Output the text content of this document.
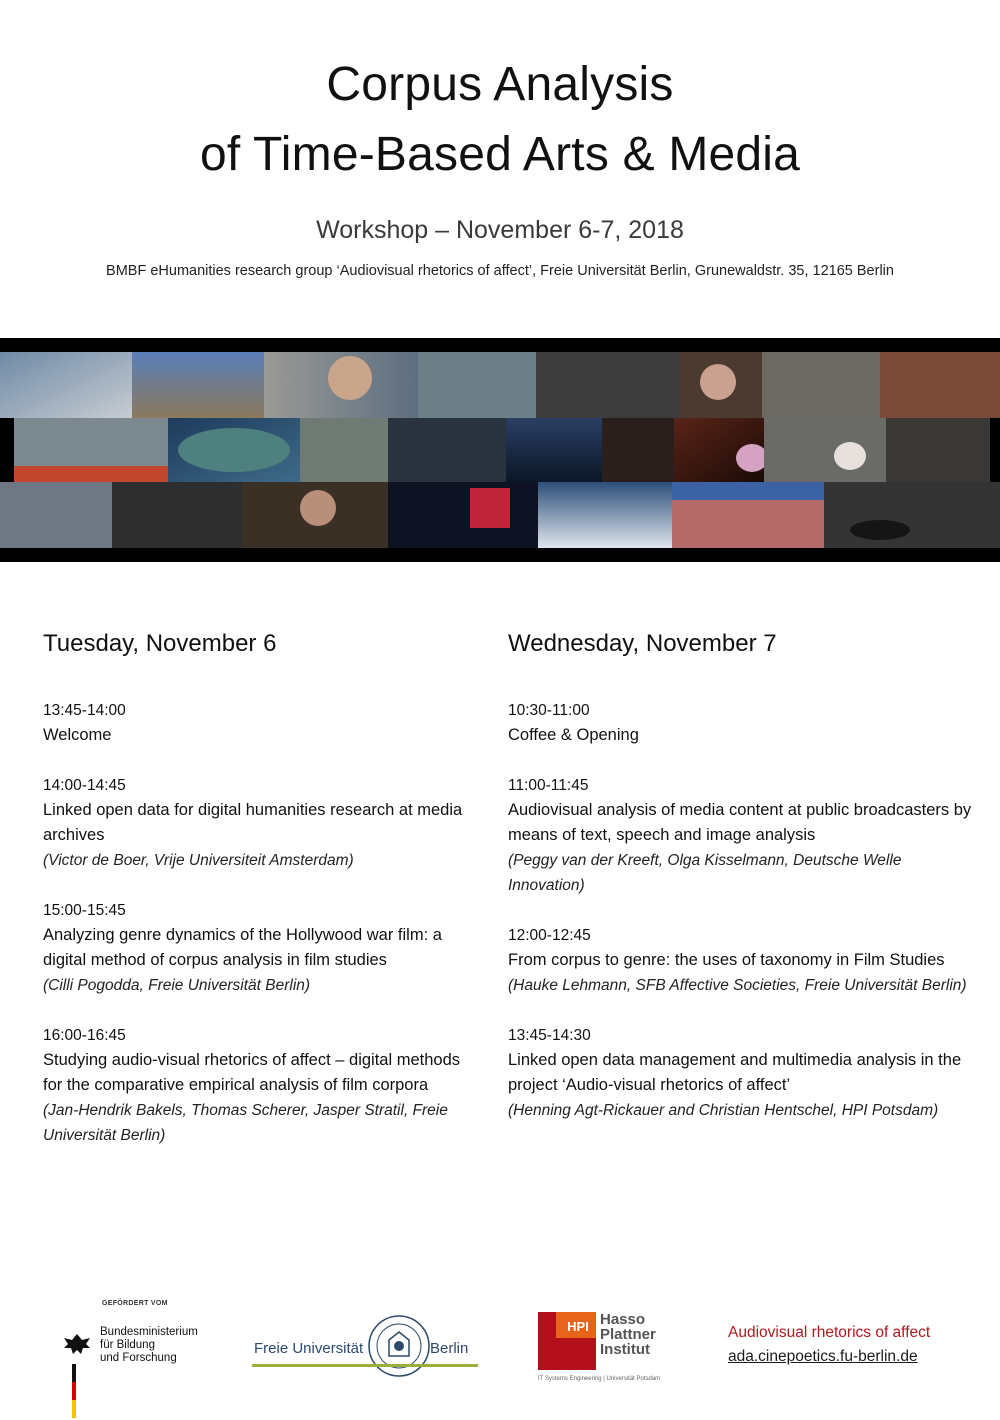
Corpus Analysis
of Time-Based Arts & Media
Workshop – November 6-7, 2018
BMBF eHumanities research group ‘Audiovisual rhetorics of affect’, Freie Universität Berlin, Grunewaldstr. 35, 12165 Berlin
Tuesday, November 6
13:45-14:00
Welcome
14:00-14:45
Linked open data for digital humanities research at media archives
(Victor de Boer, Vrije Universiteit Amsterdam)
15:00-15:45
Analyzing genre dynamics of the Hollywood war film: a digital method of corpus analysis in film studies
(Cilli Pogodda, Freie Universität Berlin)
16:00-16:45
Studying audio-visual rhetorics of affect – digital methods for the comparative empirical analysis of film corpora
(Jan-Hendrik Bakels, Thomas Scherer, Jasper Stratil, Freie Universität Berlin)
Wednesday, November 7
10:30-11:00
Coffee & Opening
11:00-11:45
Audiovisual analysis of media content at public broadcasters by means of text, speech and image analysis
(Peggy van der Kreeft, Olga Kisselmann, Deutsche Welle Innovation)
12:00-12:45
From corpus to genre: the uses of taxonomy in Film Studies
(Hauke Lehmann, SFB Affective Societies, Freie Universität Berlin)
13:45-14:30
Linked open data management and multimedia analysis in the project ‘Audio-visual rhetorics of affect’
(Henning Agt-Rickauer and Christian Hentschel, HPI Potsdam)
GEFÖRDERT VOM
Bundesministerium
für Bildung
und Forschung
Freie Universität	Berlin
HPI Hasso
Plattner
Institut
IT Systems Engineering | Universität Potsdam
Audiovisual rhetorics of affect
ada.cinepoetics.fu-berlin.de
